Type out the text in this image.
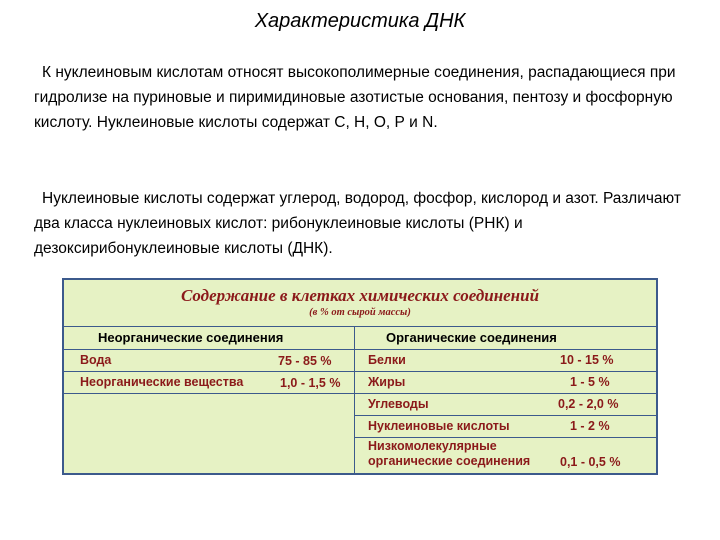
Характеристика ДНК
К нуклеиновым кислотам относят высокополимерные соединения, распадающиеся при гидролизе на пуриновые и пиримидиновые азотистые основания, пентозу и фосфорную кислоту. Нуклеиновые кислоты содержат С, Н, О, Р и N.
Нуклеиновые кислоты содержат углерод, водород, фосфор, кислород и азот. Различают два класса нуклеиновых кислот: рибонуклеиновые кислоты (РНК) и дезоксирибонуклеиновые кислоты (ДНК).
Содержание в клетках химических соединений
(в % от сырой массы)
Неорганические соединения	Органические соединения
Вода	75 - 85 %
Неорганические вещества	1,0 - 1,5 %
Белки	10 - 15 %
Жиры	1 - 5 %
Углеводы	0,2 - 2,0 %
Нуклеиновые кислоты	1 - 2 %
Низкомолекулярные органические соединения	0,1 - 0,5 %
